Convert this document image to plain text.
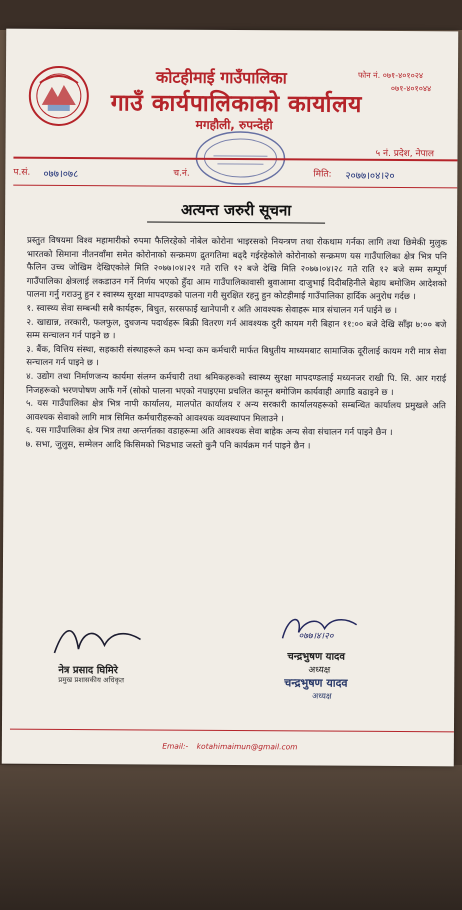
कोटहीमाई गाउँपालिका
गाउँ कार्यपालिकाको कार्यालय
मगहौली, रुपन्देही
फोन नं. ०७१-४०१०२४
०७१-४०१०४४
५ नं. प्रदेश, नेपाल
प.सं. ०७७।०७८	च.नं.	मिति: २०७७।०४।२०
अत्यन्त जरुरी सूचना

प्रस्तुत विषयमा विश्व महामारीको रुपमा फैलिरहेको नोबेल कोरोना भाइरसको नियन्त्रण तथा रोकथाम गर्नका लागि तथा छिमेकी मुलुक भारतको सिमाना नीतनवाँमा समेत कोरोनाको सन्क्रमण द्रुतगतिमा बढ्दै गईरहेकोले कोरोनाको सन्क्रमण यस गाउँपालिका क्षेत्र भित्र पनि फैलिन उच्च जोखिम देखिएकोले मिति २०७७।०४।२१ गते रात्ति १२ बजे देखि मिति २०७७।०४।२८ गते राति १२ बजे सम्म सम्पूर्ण गाउँपालिका क्षेत्रलाई लकडाउन गर्ने निर्णय भएको हुँदा आम गाउँपालिकावासी बुवाआमा दाजुभाई दिदीबहिनीले बेहाय बमोजिम आदेशको पालना गर्नु गराउनु हुन र स्वास्थ्य सुरक्षा मापदण्डको पालना गरी सुरक्षित रहनु हुन कोटहीमाई गाउँपालिका हार्दिक अनुरोध गर्दछ ।

१. स्वास्थ्य सेवा सम्बन्धी सबै कार्यहरू, बिधुत, सरसफाई खानेपानी र अति आवश्यक सेवाहरू मात्र संचालन गर्न पाईने छ ।

२. खाद्यान्न, तरकारी, फलफुल, दुधजन्य पदार्थहरू बिक्री वितरण गर्न आवश्यक दुरी कायम गरी बिहान ११:०० बजे देखि साँझ ७:०० बजे सम्म सन्चालन गर्न पाइने छ ।

३. बैंक, वित्तिय संस्था, सहकारी संस्थाहरूले कम भन्दा कम कर्मचारी मार्फत बिधुतीय माध्यमबाट सामाजिक दूरीलाई कायम गरी मात्र सेवा सन्चालन गर्न पाइने छ ।

४. उद्योग तथा निर्माणजन्य कार्यमा संलग्न कर्मचारी तथा श्रमिकहरूको स्वास्थ्य सुरक्षा मापदण्डलाई मध्यनजर राखी पि. सि. आर गराई निजहरूको भरणपोषण आफैं गर्ने (सोको पालना भएको नपाइएमा प्रचलित कानून बमोजिम कार्यवाही अगाडि बढाइने छ ।

५. यस गाउँपालिका क्षेत्र भित्र नापी कार्यालय, मालपोत कार्यालय र अन्य सरकारी कार्यालयहरूको सम्बन्धित कार्यालय प्रमुखले अति आवश्यक सेवाको लागि मात्र सिमित कर्मचारीहरूको आवश्यक व्यवस्थापन मिलाउने ।

६. यस गाउँपालिका क्षेत्र भित्र तथा अन्तर्गतका वडाहरूमा अति आवश्यक सेवा बाहेक अन्य सेवा संचालन गर्न पाइने छैन ।

७. सभा, जुलुस, सम्मेलन आदि किसिमको भिडभाड जस्तो कुनै पनि कार्यक्रम गर्न पाइने छैन ।

नेत्र प्रसाद घिमिरे
प्रमुख प्रशासकीय अधिकृत
०७७।४।२०
चन्द्रभुषण यादव
अध्यक्ष
चन्द्रभुषण यादव
अध्यक्ष
Email:- kotahimaimun@gmail.com
